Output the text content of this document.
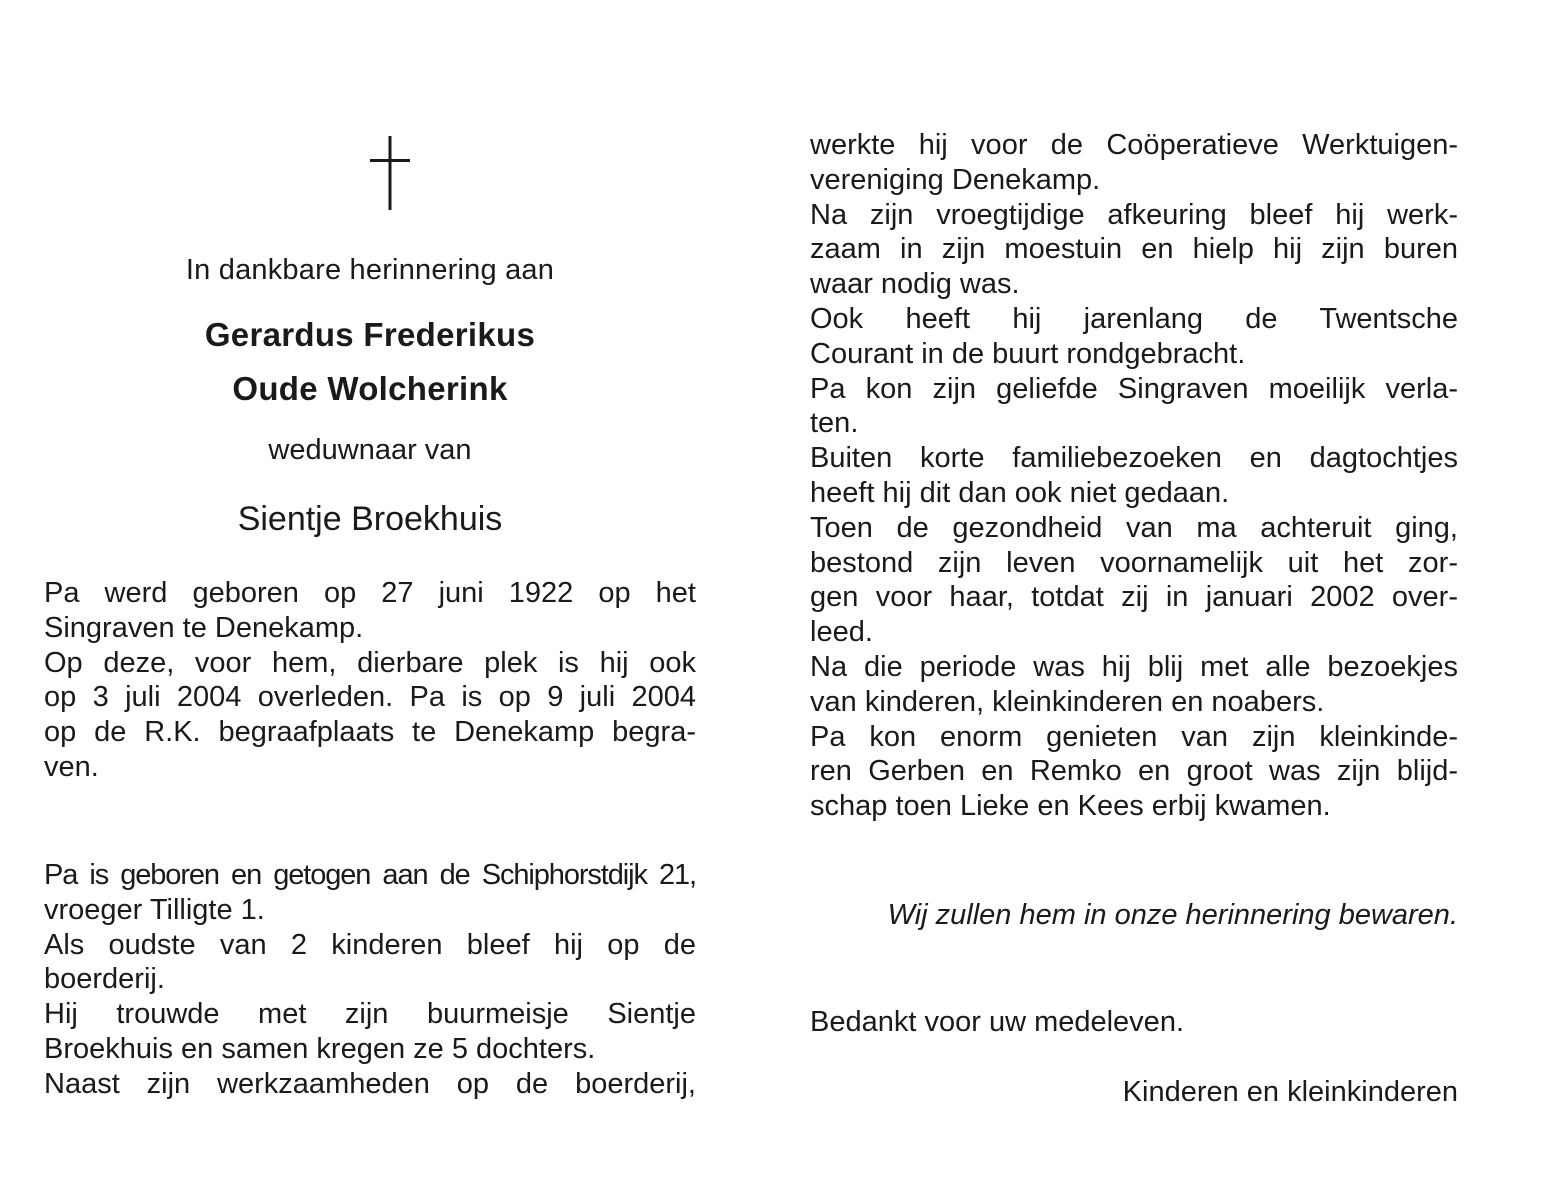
In dankbare herinnering aan
Gerardus Frederikus
Oude Wolcherink
weduwnaar van
Sientje Broekhuis
Pa werd geboren op 27 juni 1922 op het
Singraven te Denekamp.
Op deze, voor hem, dierbare plek is hij ook
op 3 juli 2004 overleden. Pa is op 9 juli 2004
op de R.K. begraafplaats te Denekamp begra-
ven.
Pa is geboren en getogen aan de Schiphorstdijk 21,
vroeger Tilligte 1.
Als oudste van 2 kinderen bleef hij op de
boerderij.
Hij trouwde met zijn buurmeisje Sientje
Broekhuis en samen kregen ze 5 dochters.
Naast zijn werkzaamheden op de boerderij,
werkte hij voor de Coöperatieve Werktuigen-
vereniging Denekamp.
Na zijn vroegtijdige afkeuring bleef hij werk-
zaam in zijn moestuin en hielp hij zijn buren
waar nodig was.
Ook heeft hij jarenlang de Twentsche
Courant in de buurt rondgebracht.
Pa kon zijn geliefde Singraven moeilijk verla-
ten.
Buiten korte familiebezoeken en dagtochtjes
heeft hij dit dan ook niet gedaan.
Toen de gezondheid van ma achteruit ging,
bestond zijn leven voornamelijk uit het zor-
gen voor haar, totdat zij in januari 2002 over-
leed.
Na die periode was hij blij met alle bezoekjes
van kinderen, kleinkinderen en noabers.
Pa kon enorm genieten van zijn kleinkinde-
ren Gerben en Remko en groot was zijn blijd-
schap toen Lieke en Kees erbij kwamen.
Wij zullen hem in onze herinnering bewaren.
Bedankt voor uw medeleven.
Kinderen en kleinkinderen
